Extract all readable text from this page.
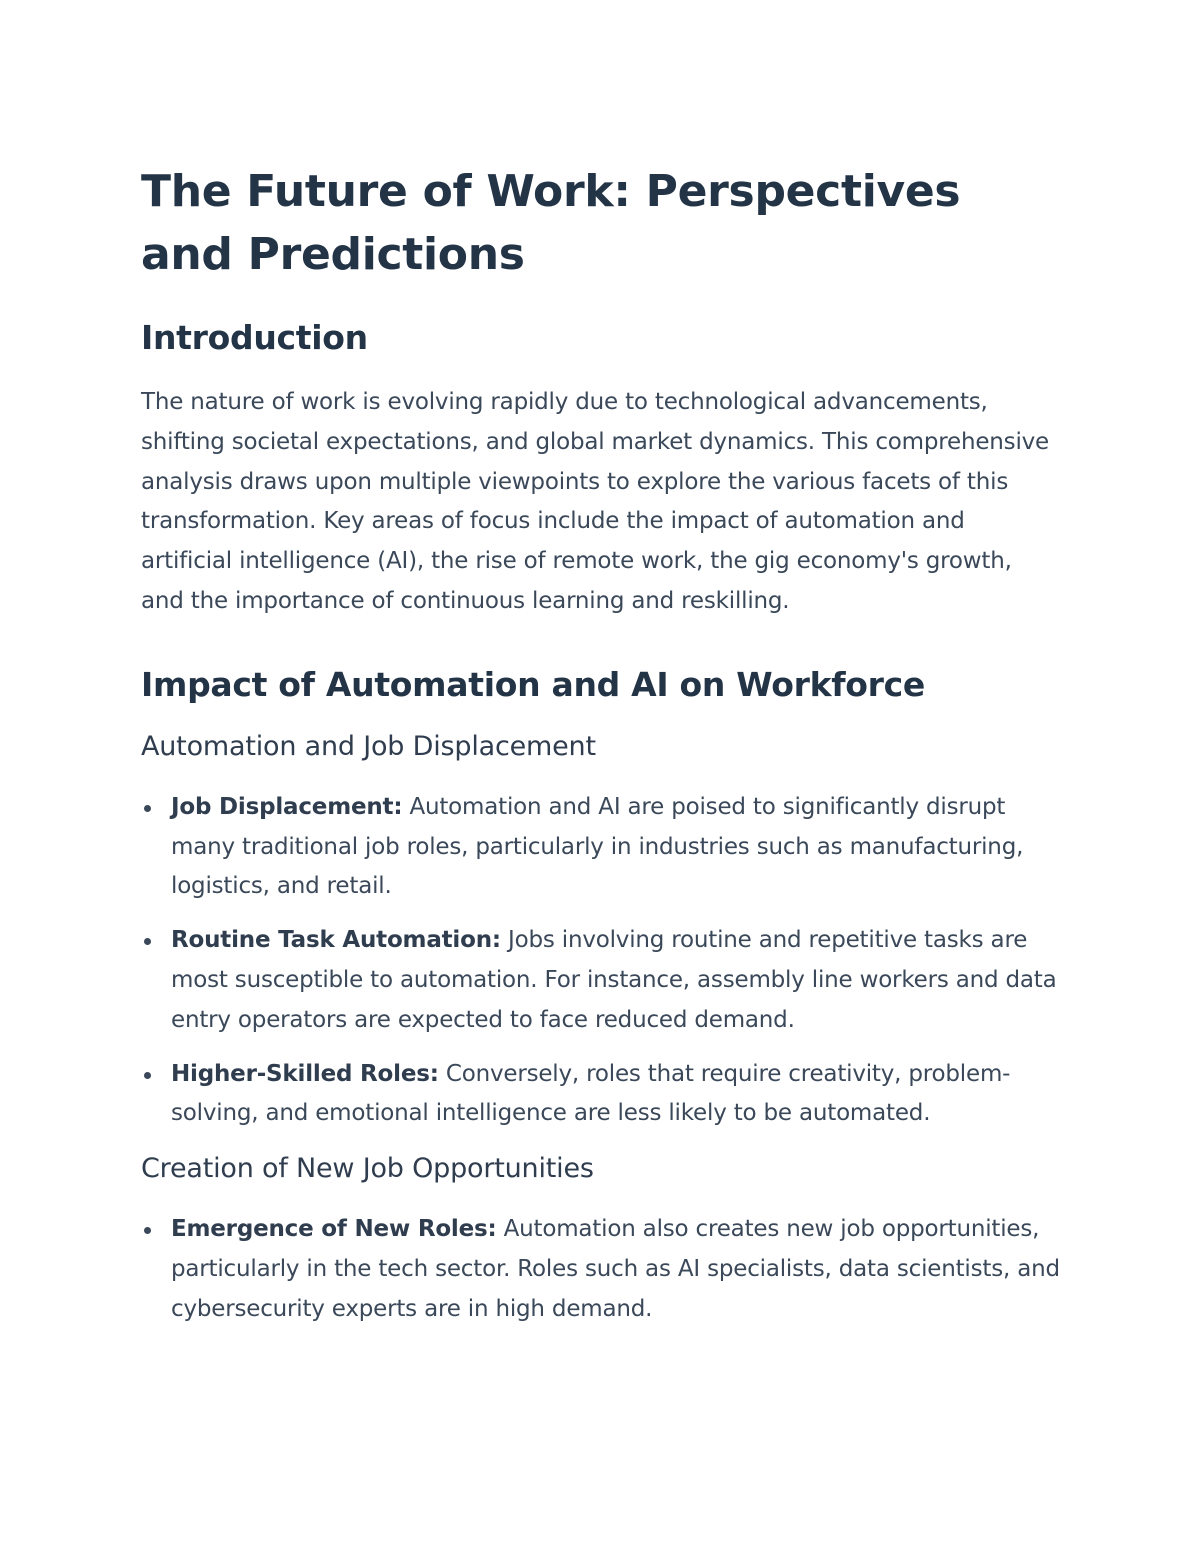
The Future of Work: Perspectives and Predictions
Introduction

The nature of work is evolving rapidly due to technological advancements, shifting societal expectations, and global market dynamics. This comprehensive analysis draws upon multiple viewpoints to explore the various facets of this transformation. Key areas of focus include the impact of automation and artificial intelligence (AI), the rise of remote work, the gig economy's growth, and the importance of continuous learning and reskilling.

Impact of Automation and AI on Workforce
Automation and Job Displacement
Job Displacement: Automation and AI are poised to significantly disrupt many traditional job roles, particularly in industries such as manufacturing, logistics, and retail.
Routine Task Automation: Jobs involving routine and repetitive tasks are most susceptible to automation. For instance, assembly line workers and data entry operators are expected to face reduced demand.
Higher-Skilled Roles: Conversely, roles that require creativity, problem-solving, and emotional intelligence are less likely to be automated.
Creation of New Job Opportunities
Emergence of New Roles: Automation also creates new job opportunities, particularly in the tech sector. Roles such as AI specialists, data scientists, and cybersecurity experts are in high demand.
